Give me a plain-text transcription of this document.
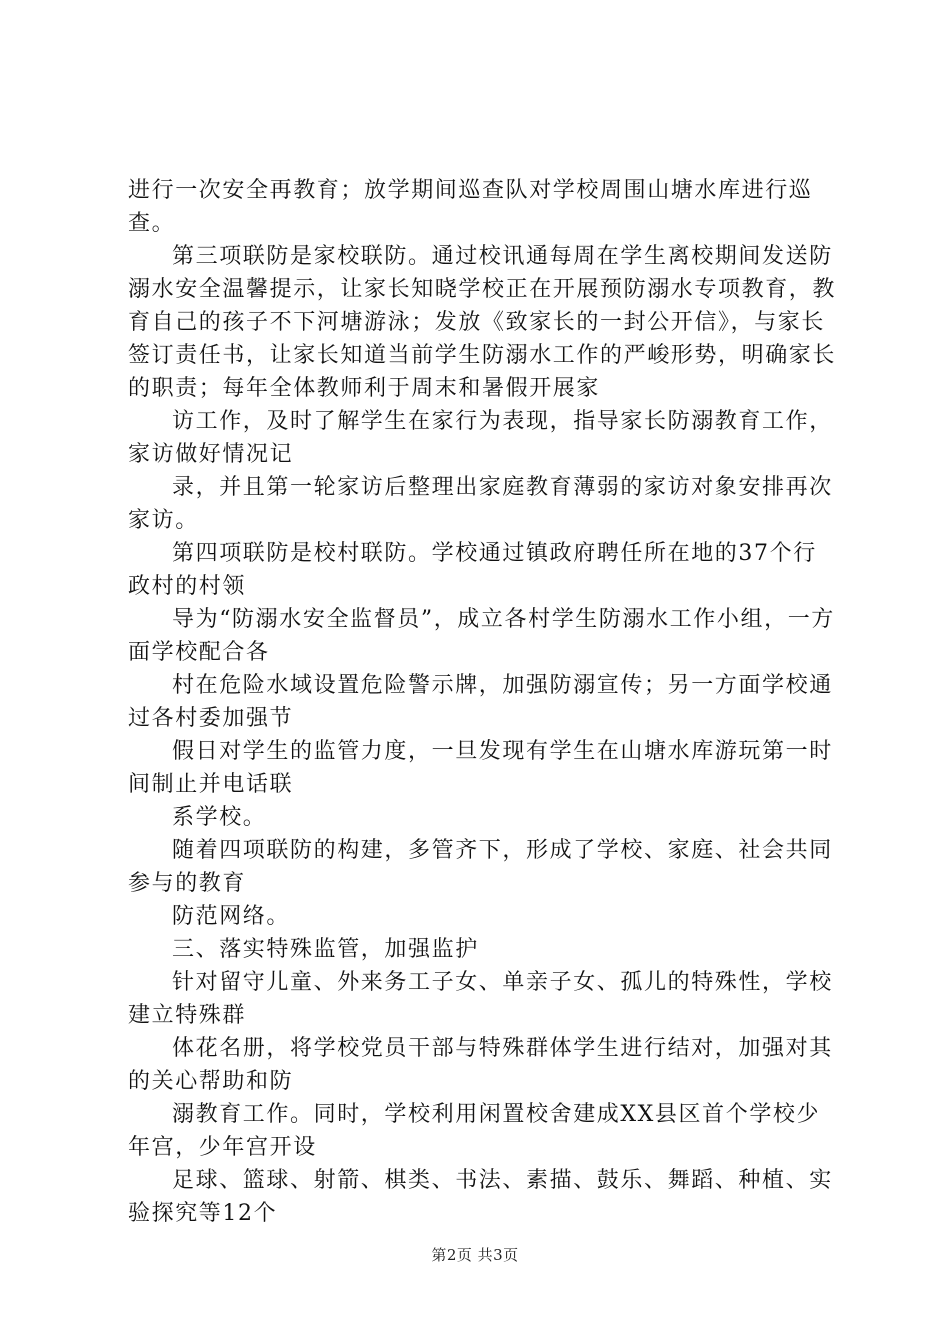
进行一次安全再教育；放学期间巡查队对学校周围山塘水库进行巡查。

第三项联防是家校联防。通过校讯通每周在学生离校期间发送防溺水安全温馨提示，让家长知晓学校正在开展预防溺水专项教育，教育自己的孩子不下河塘游泳；发放《致家长的一封公开信》，与家长签订责任书，让家长知道当前学生防溺水工作的严峻形势，明确家长的职责；每年全体教师利于周末和暑假开展家

访工作，及时了解学生在家行为表现，指导家长防溺教育工作，家访做好情况记

录，并且第一轮家访后整理出家庭教育薄弱的家访对象安排再次家访。

第四项联防是校村联防。学校通过镇政府聘任所在地的37个行政村的村领

导为“防溺水安全监督员”，成立各村学生防溺水工作小组，一方面学校配合各

村在危险水域设置危险警示牌，加强防溺宣传；另一方面学校通过各村委加强节

假日对学生的监管力度，一旦发现有学生在山塘水库游玩第一时间制止并电话联

系学校。

随着四项联防的构建，多管齐下，形成了学校、家庭、社会共同参与的教育

防范网络。

三、落实特殊监管，加强监护

针对留守儿童、外来务工子女、单亲子女、孤儿的特殊性，学校建立特殊群

体花名册，将学校党员干部与特殊群体学生进行结对，加强对其的关心帮助和防

溺教育工作。同时，学校利用闲置校舍建成XX县区首个学校少年宫，少年宫开设

足球、篮球、射箭、棋类、书法、素描、鼓乐、舞蹈、种植、实验探究等12个

第2页 共3页
